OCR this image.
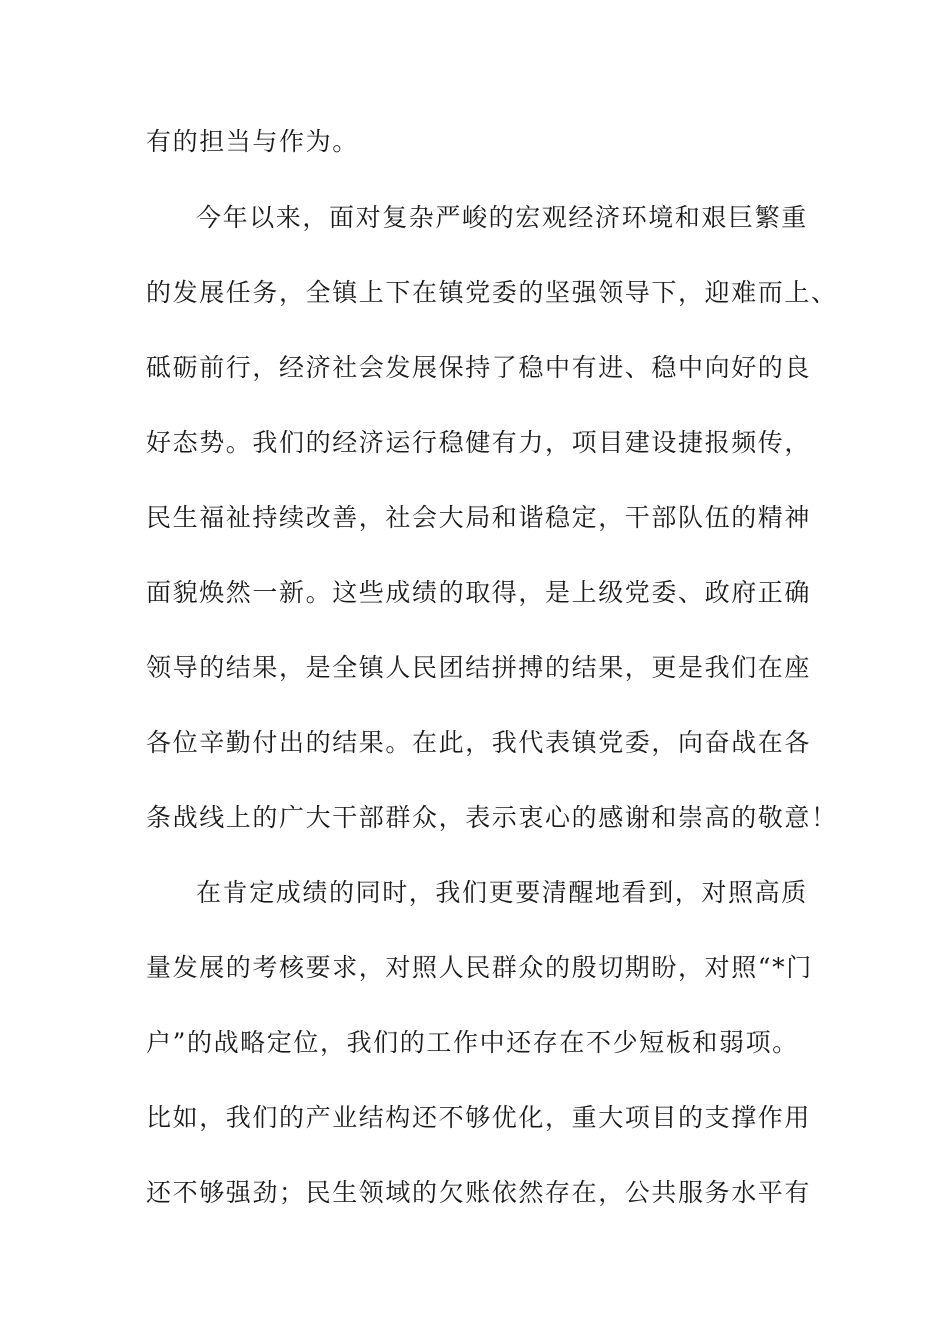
有的担当与作为。
今年以来，面对复杂严峻的宏观经济环境和艰巨繁重
的发展任务，全镇上下在镇党委的坚强领导下，迎难而上、
砥砺前行，经济社会发展保持了稳中有进、稳中向好的良
好态势。我们的经济运行稳健有力，项目建设捷报频传，
民生福祉持续改善，社会大局和谐稳定，干部队伍的精神
面貌焕然一新。这些成绩的取得，是上级党委、政府正确
领导的结果，是全镇人民团结拼搏的结果，更是我们在座
各位辛勤付出的结果。在此，我代表镇党委，向奋战在各
条战线上的广大干部群众，表示衷心的感谢和崇高的敬意！
在肯定成绩的同时，我们更要清醒地看到，对照高质
量发展的考核要求，对照人民群众的殷切期盼，对照“*门
户”的战略定位，我们的工作中还存在不少短板和弱项。
比如，我们的产业结构还不够优化，重大项目的支撑作用
还不够强劲；民生领域的欠账依然存在，公共服务水平有
